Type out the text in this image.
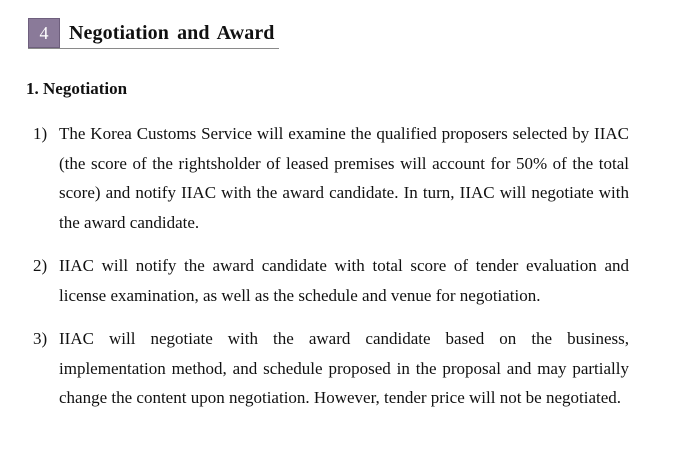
4	Negotiation and Award
1. Negotiation
1) The Korea Customs Service will examine the qualified proposers selected by IIAC (the score of the rightsholder of leased premises will account for 50% of the total score) and notify IIAC with the award candidate. In turn, IIAC will negotiate with the award candidate.
2) IIAC will notify the award candidate with total score of tender evaluation and license examination, as well as the schedule and venue for negotiation.
3) IIAC will negotiate with the award candidate based on the business, implementation method, and schedule proposed in the proposal and may partially change the content upon negotiation. However, tender price will not be negotiated.
